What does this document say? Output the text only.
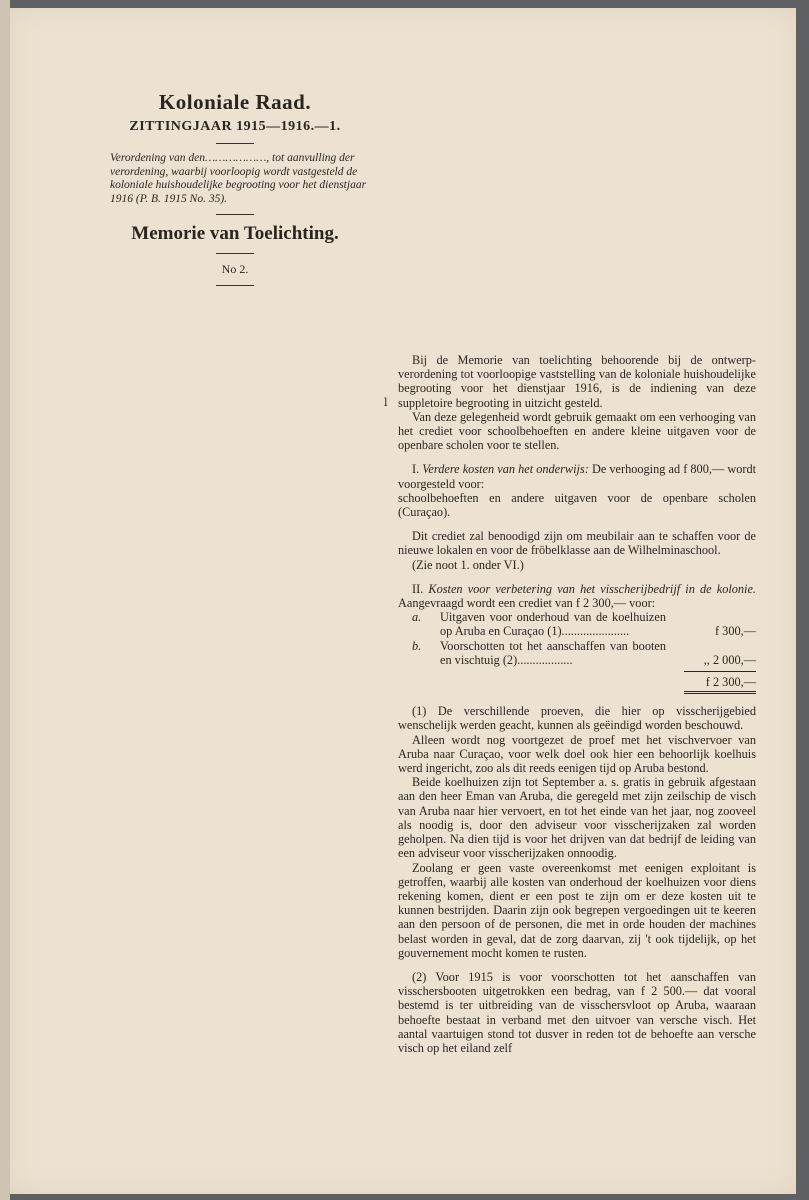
Koloniale Raad.
ZITTINGJAAR 1915—1916.—1.
Verordening van den………………, tot aanvulling der verordening, waarbij voorloopig wordt vastgesteld de koloniale huishoudelijke begrooting voor het dienstjaar 1916 (P. B. 1915 No. 35).
Memorie van Toelichting.
No 2.
l

Bij de Memorie van toelichting behoorende bij de ontwerp-verordening tot voorloopige vaststelling van de koloniale huishoudelijke begrooting voor het dienstjaar 1916, is de indiening van deze suppletoire begrooting in uitzicht gesteld.

Van deze gelegenheid wordt gebruik gemaakt om een verhooging van het crediet voor schoolbehoeften en andere kleine uitgaven voor de openbare scholen voor te stellen.

I. Verdere kosten van het onderwijs: De verhooging ad f 800,— wordt voorgesteld voor:

schoolbehoeften en andere uitgaven voor de openbare scholen (Curaçao).

Dit crediet zal benoodigd zijn om meubilair aan te schaffen voor de nieuwe lokalen en voor de fröbelklasse aan de Wilhelminaschool.

(Zie noot 1. onder VI.)

II. Kosten voor verbetering van het visscherijbedrijf in de kolonie. Aangevraagd wordt een crediet van f 2 300,— voor:

a.	Uitgaven voor onderhoud van de koelhuizen op Aruba en Curaçao (1)......................	f 300,—
b.	Voorschotten tot het aanschaffen van booten en vischtuig (2)..................	,, 2 000,—
f 2 300,—

(1) De verschillende proeven, die hier op visscherijgebied wenschelijk werden geacht, kunnen als geëindigd worden beschouwd.

Alleen wordt nog voortgezet de proef met het vischvervoer van Aruba naar Curaçao, voor welk doel ook hier een behoorlijk koelhuis werd ingericht, zoo als dit reeds eenigen tijd op Aruba bestond.

Beide koelhuizen zijn tot September a. s. gratis in gebruik afgestaan aan den heer Eman van Aruba, die geregeld met zijn zeilschip de visch van Aruba naar hier vervoert, en tot het einde van het jaar, nog zooveel als noodig is, door den adviseur voor visscherijzaken zal worden geholpen. Na dien tijd is voor het drijven van dat bedrijf de leiding van een adviseur voor visscherijzaken onnoodig.

Zoolang er geen vaste overeenkomst met eenigen exploitant is getroffen, waarbij alle kosten van onderhoud der koelhuizen voor diens rekening komen, dient er een post te zijn om er deze kosten uit te kunnen bestrijden. Daarin zijn ook begrepen vergoedingen uit te keeren aan den persoon of de personen, die met in orde houden der machines belast worden in geval, dat de zorg daarvan, zij 't ook tijdelijk, op het gouvernement mocht komen te rusten.

(2) Voor 1915 is voor voorschotten tot het aanschaffen van visschersbooten uitgetrokken een bedrag, van f 2 500.— dat vooral bestemd is ter uitbreiding van de visschersvloot op Aruba, waaraan behoefte bestaat in verband met den uitvoer van versche visch. Het aantal vaartuigen stond tot dusver in reden tot de behoefte aan versche visch op het eiland zelf
